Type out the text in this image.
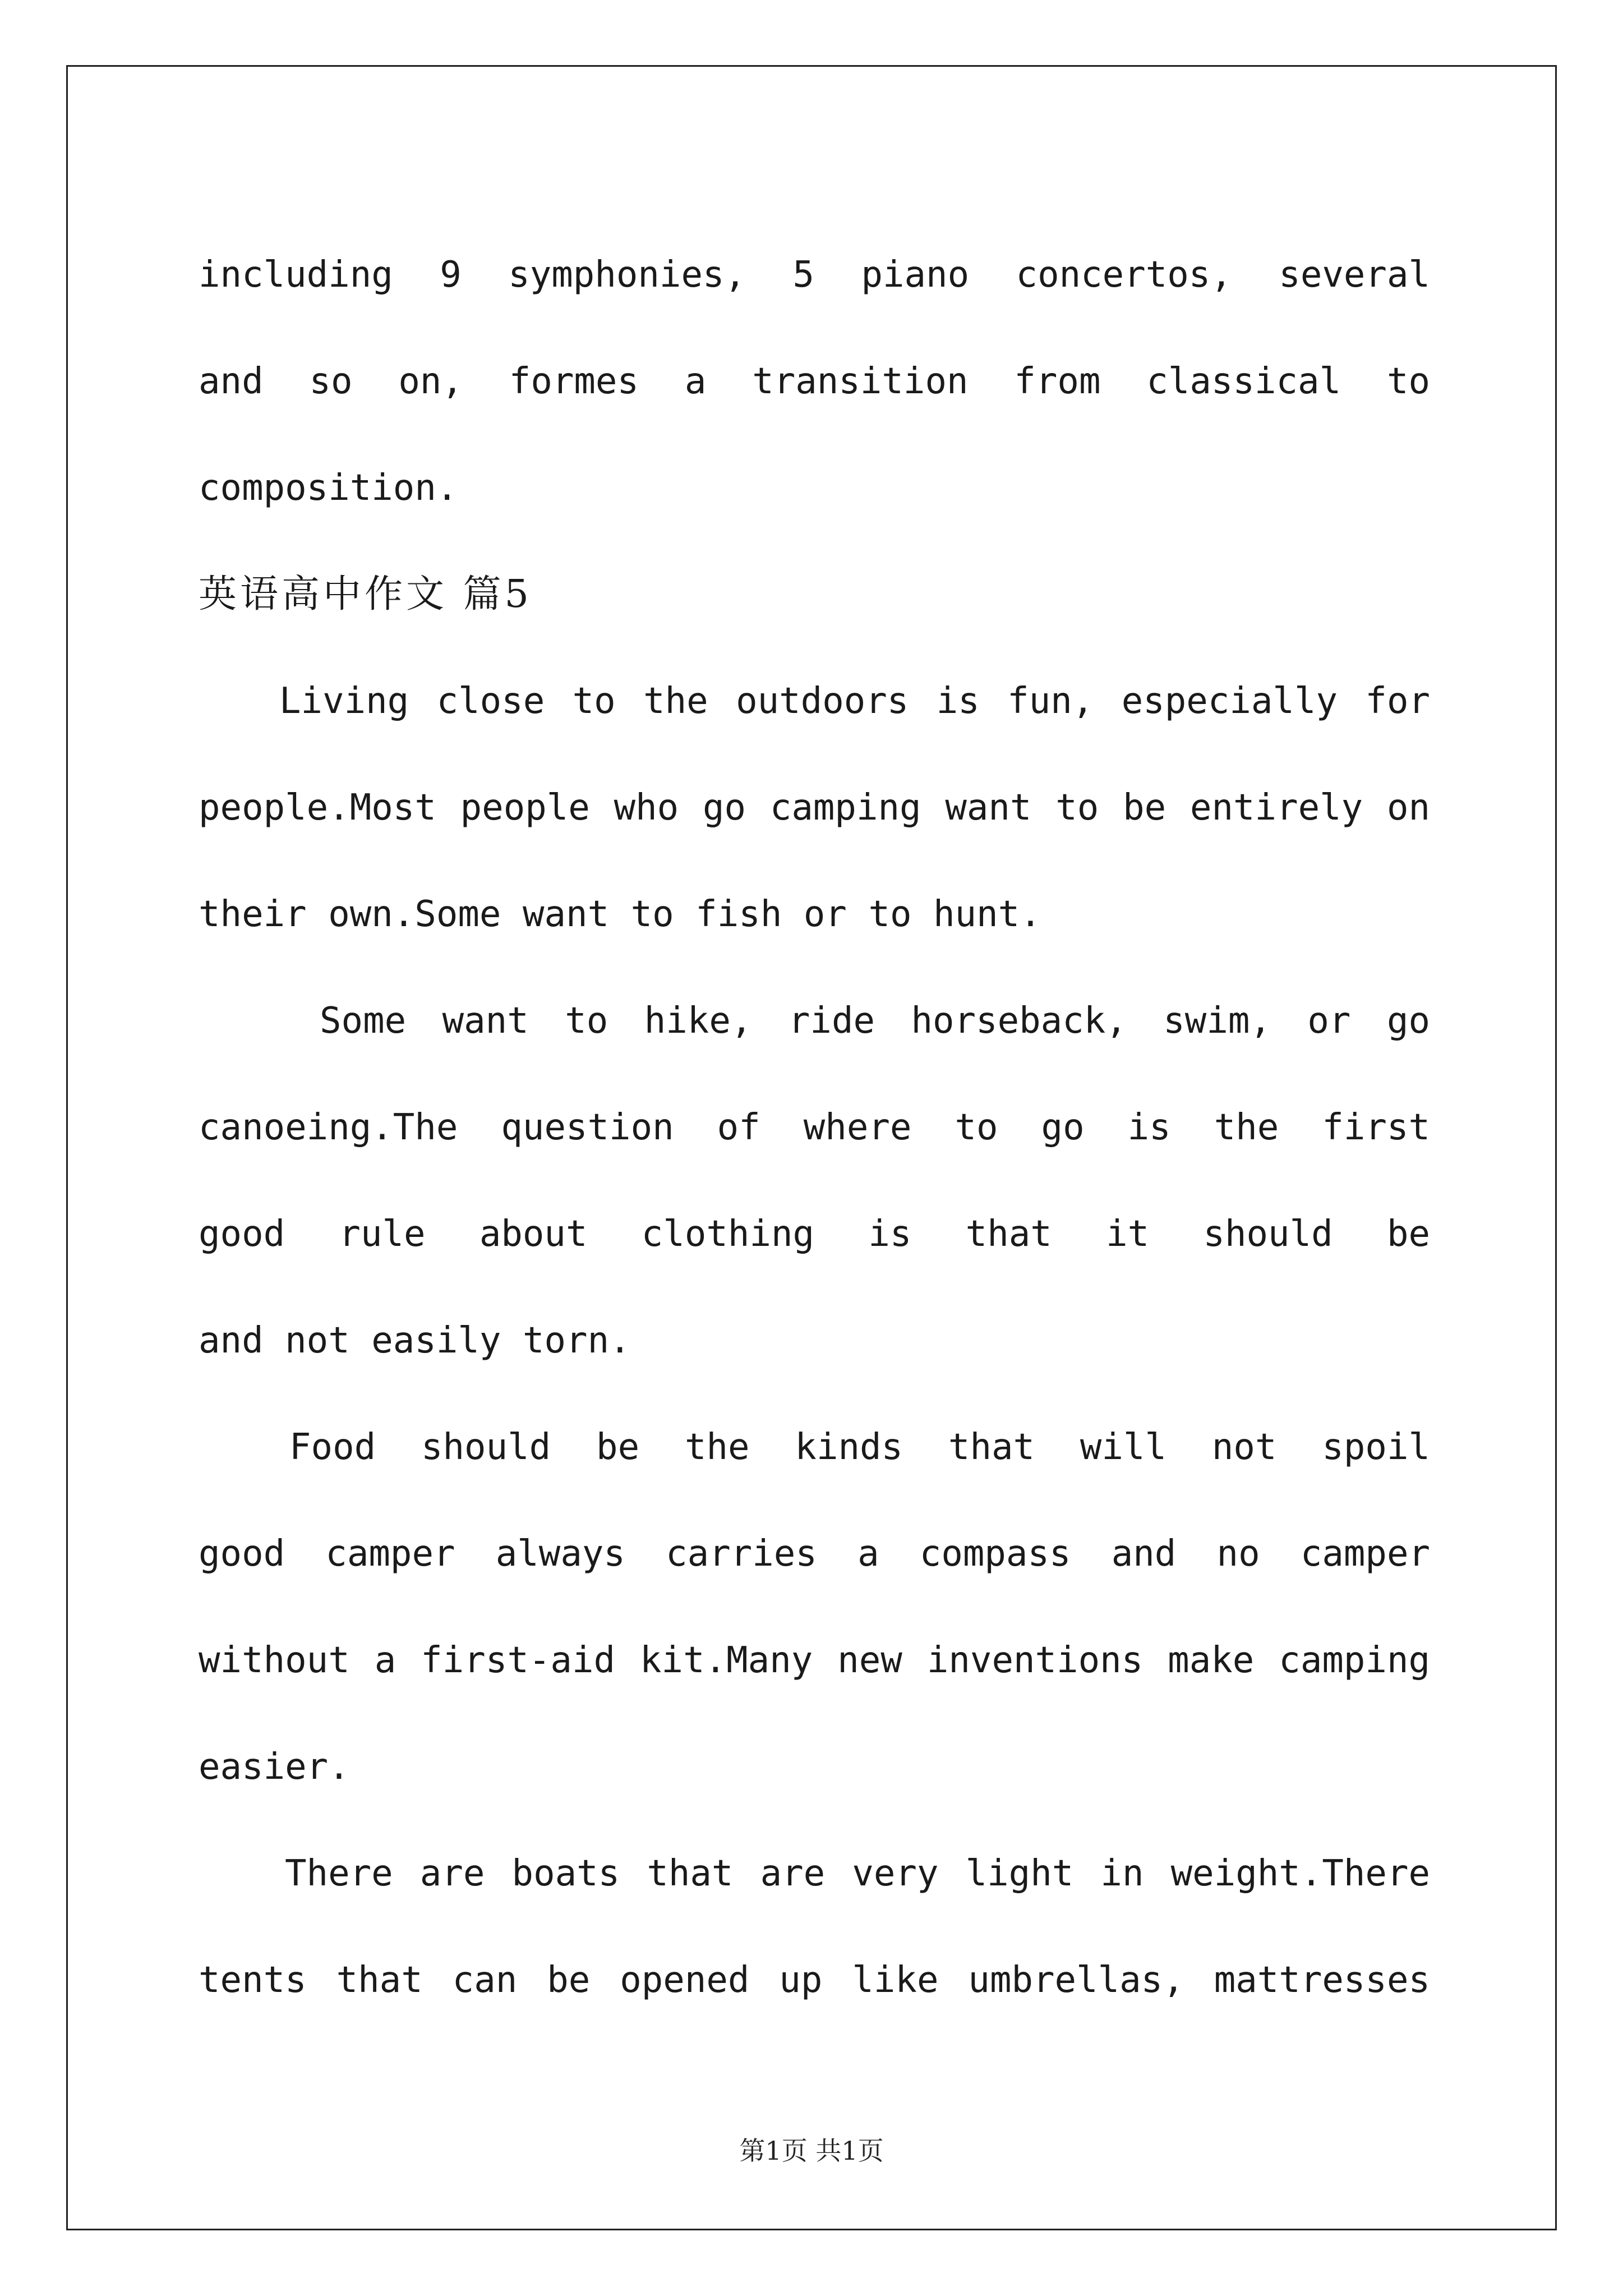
including 9 symphonies, 5 piano concertos, several

and so on, formes a transition from classical to

composition.

英语高中作文 篇5

Living close to the outdoors is fun, especially for

people.Most people who go camping want to be entirely on

their own.Some want to fish or to hunt.

Some want to hike, ride horseback, swim, or go

canoeing.The question of where to go is the first

good rule about clothing is that it should be

and not easily torn.

Food should be the kinds that will not spoil

good camper always carries a compass and no camper

without a first-aid kit.Many new inventions make camping

easier.

There are boats that are very light in weight.There

tents that can be opened up like umbrellas, mattresses

第1页 共1页
